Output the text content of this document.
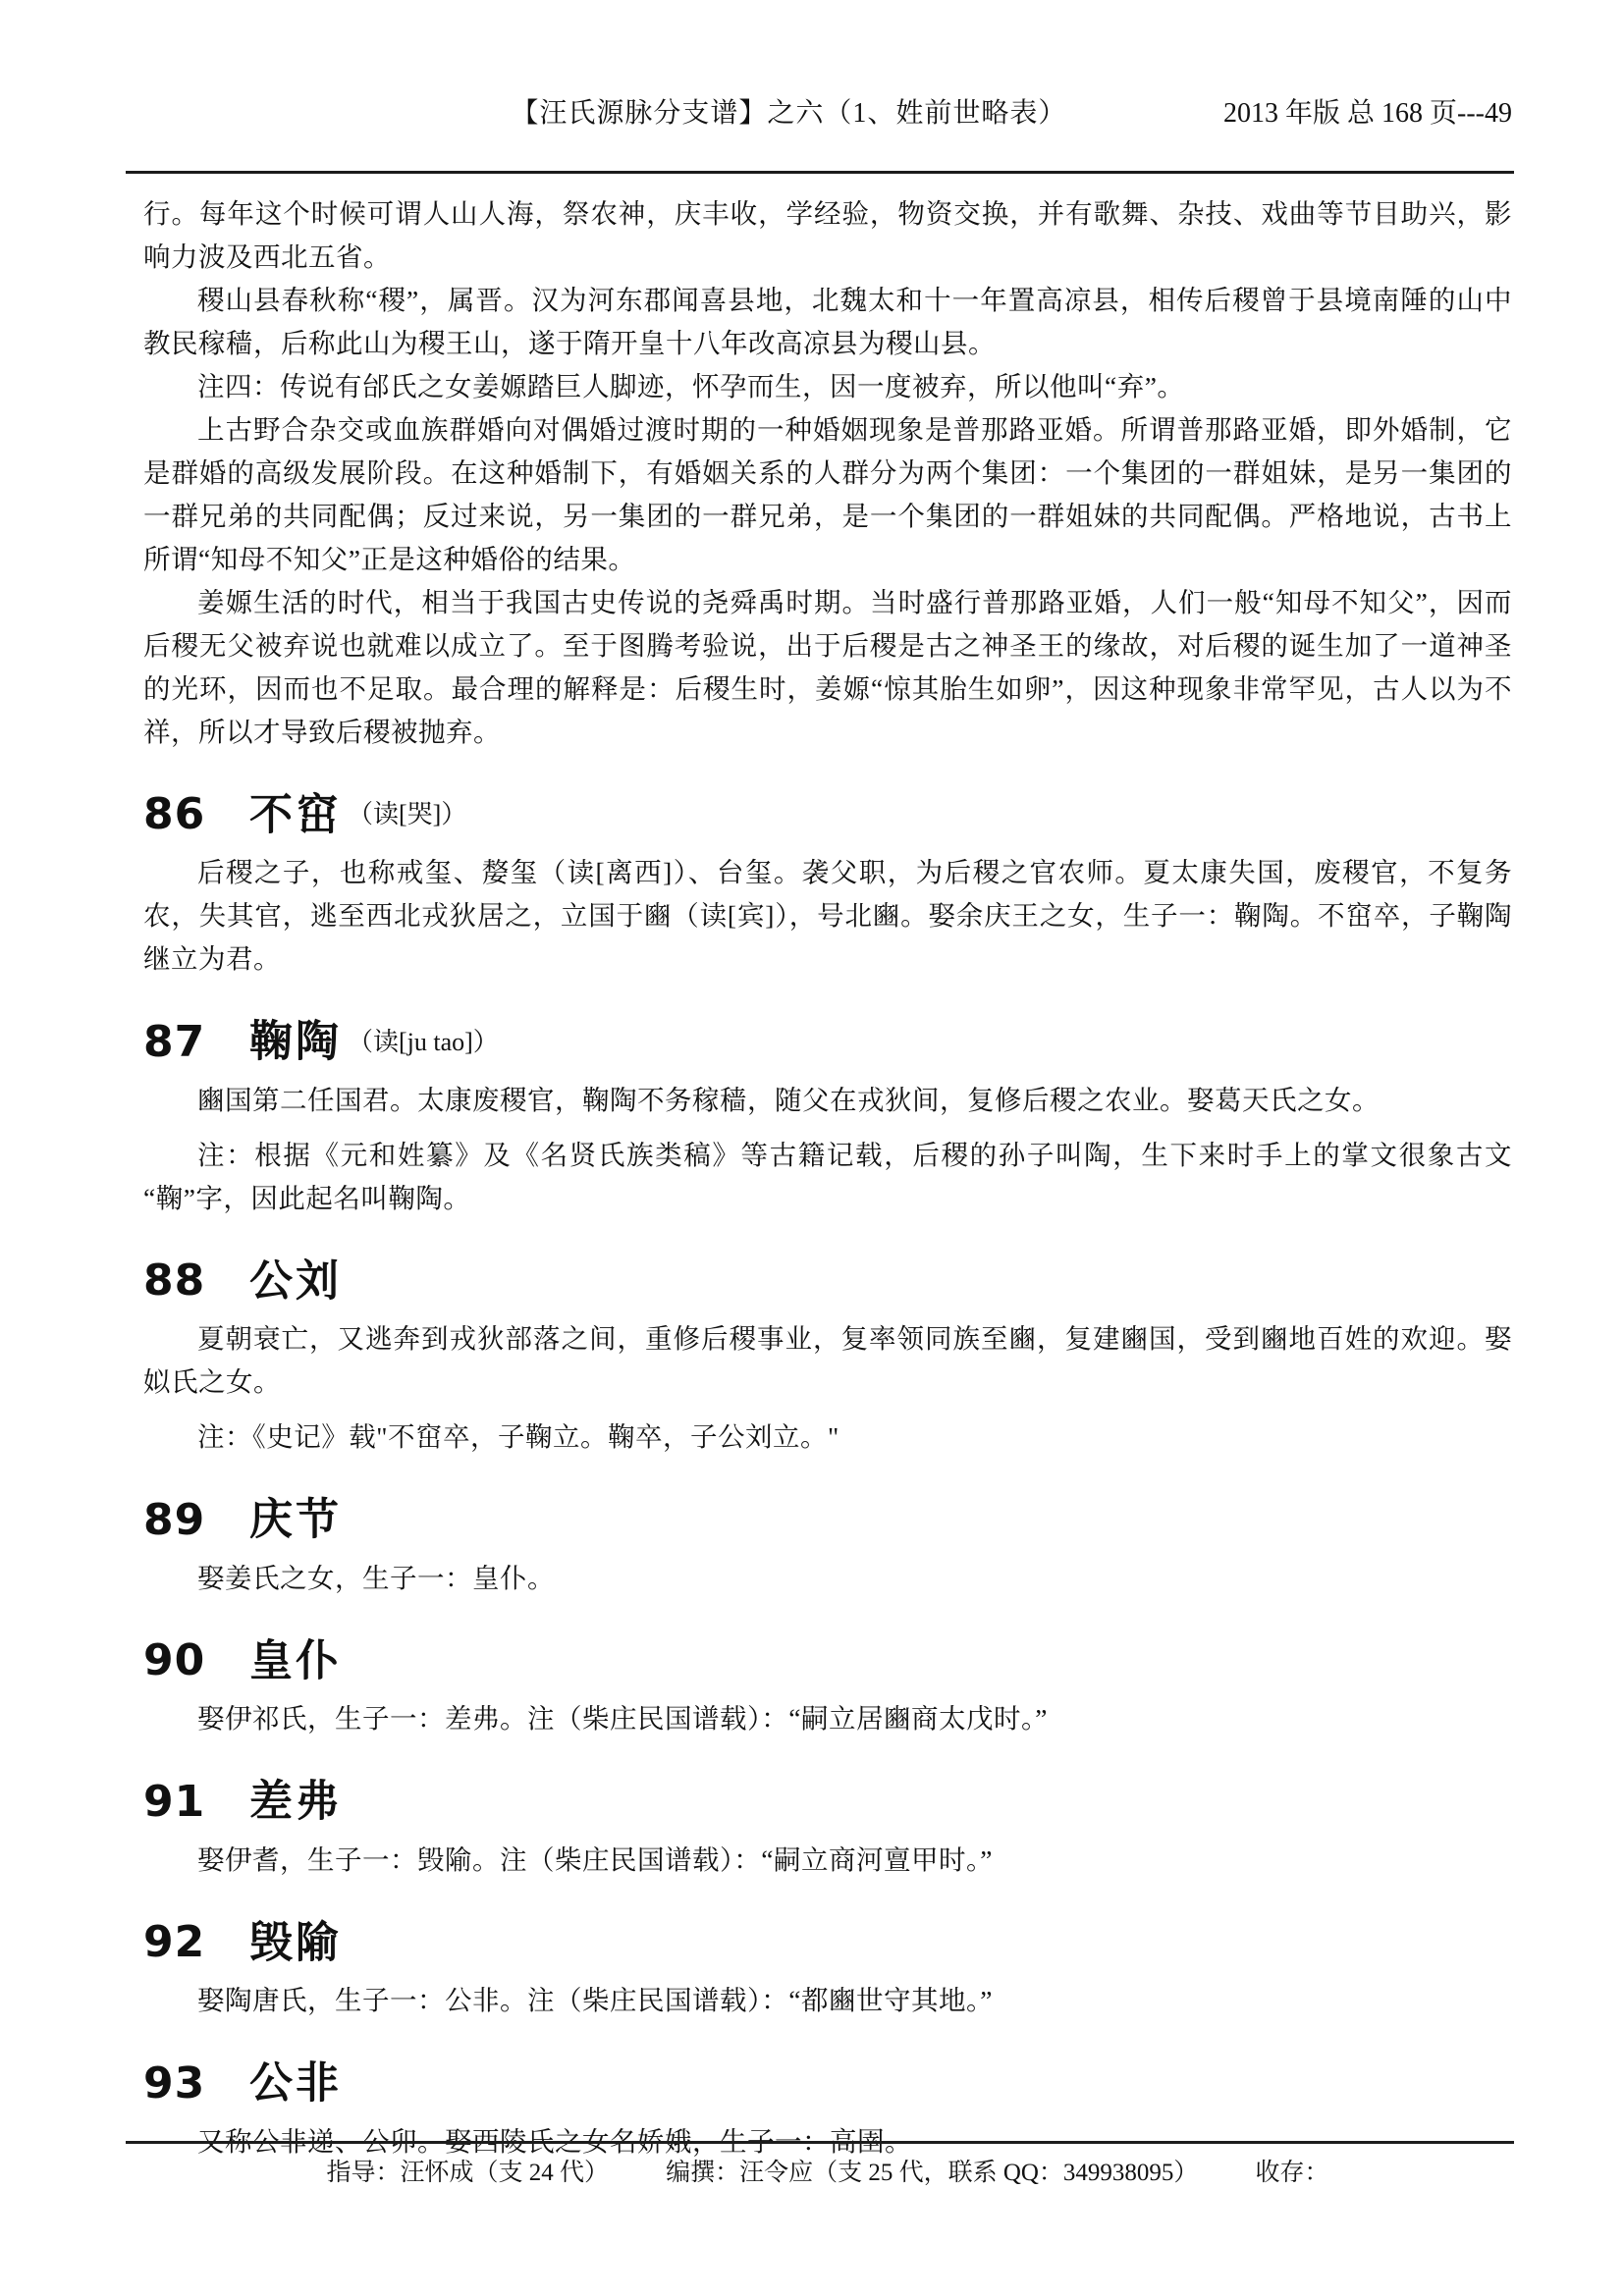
【汪氏源脉分支谱】之六（1、姓前世略表）	2013 年版 总 168 页---49

行。每年这个时候可谓人山人海，祭农神，庆丰收，学经验，物资交换，并有歌舞、杂技、戏曲等节目助兴，影响力波及西北五省。

稷山县春秋称“稷”，属晋。汉为河东郡闻喜县地，北魏太和十一年置高凉县，相传后稷曾于县境南陲的山中教民稼穑，后称此山为稷王山，遂于隋开皇十八年改高凉县为稷山县。

注四：传说有邰氏之女姜嫄踏巨人脚迹，怀孕而生，因一度被弃，所以他叫“弃”。

上古野合杂交或血族群婚向对偶婚过渡时期的一种婚姻现象是普那路亚婚。所谓普那路亚婚，即外婚制，它是群婚的高级发展阶段。在这种婚制下，有婚姻关系的人群分为两个集团：一个集团的一群姐妹，是另一集团的一群兄弟的共同配偶；反过来说，另一集团的一群兄弟，是一个集团的一群姐妹的共同配偶。严格地说，古书上所谓“知母不知父”正是这种婚俗的结果。

姜嫄生活的时代，相当于我国古史传说的尧舜禹时期。当时盛行普那路亚婚，人们一般“知母不知父”，因而后稷无父被弃说也就难以成立了。至于图腾考验说，出于后稷是古之神圣王的缘故，对后稷的诞生加了一道神圣的光环，因而也不足取。最合理的解释是：后稷生时，姜嫄“惊其胎生如卵”，因这种现象非常罕见，古人以为不祥，所以才导致后稷被抛弃。

86 不窋 （读[哭]）

后稷之子，也称戒玺、嫠玺（读[离西]）、台玺。袭父职，为后稷之官农师。夏太康失国，废稷官，不复务农，失其官，逃至西北戎狄居之，立国于豳（读[宾]），号北豳。娶余庆王之女，生子一：鞠陶。不窋卒，子鞠陶继立为君。

87 鞠陶 （读[ju tao]）

豳国第二任国君。太康废稷官，鞠陶不务稼穑，随父在戎狄间，复修后稷之农业。娶葛天氏之女。

注：根据《元和姓纂》及《名贤氏族类稿》等古籍记载，后稷的孙子叫陶，生下来时手上的掌文很象古文“鞠”字，因此起名叫鞠陶。

88 公刘

夏朝衰亡，又逃奔到戎狄部落之间，重修后稷事业，复率领同族至豳，复建豳国，受到豳地百姓的欢迎。娶姒氏之女。

注：《史记》载"不窋卒，子鞠立。鞠卒，子公刘立。"

89 庆节

娶姜氏之女，生子一：皇仆。

90 皇仆

娶伊祁氏，生子一：差弗。注（柴庄民国谱载）：“嗣立居豳商太戊时。”

91 差弗

娶伊耆，生子一：毁隃。注（柴庄民国谱载）：“嗣立商河亶甲时。”

92 毁隃

娶陶唐氏，生子一：公非。注（柴庄民国谱载）：“都豳世守其地。”

93 公非

又称公非递、公卯。娶西陵氏之女名娇娥，生子一：高圉。

指导：汪怀成（支 24 代） 编撰：汪令应（支 25 代，联系 QQ：349938095） 收存：
